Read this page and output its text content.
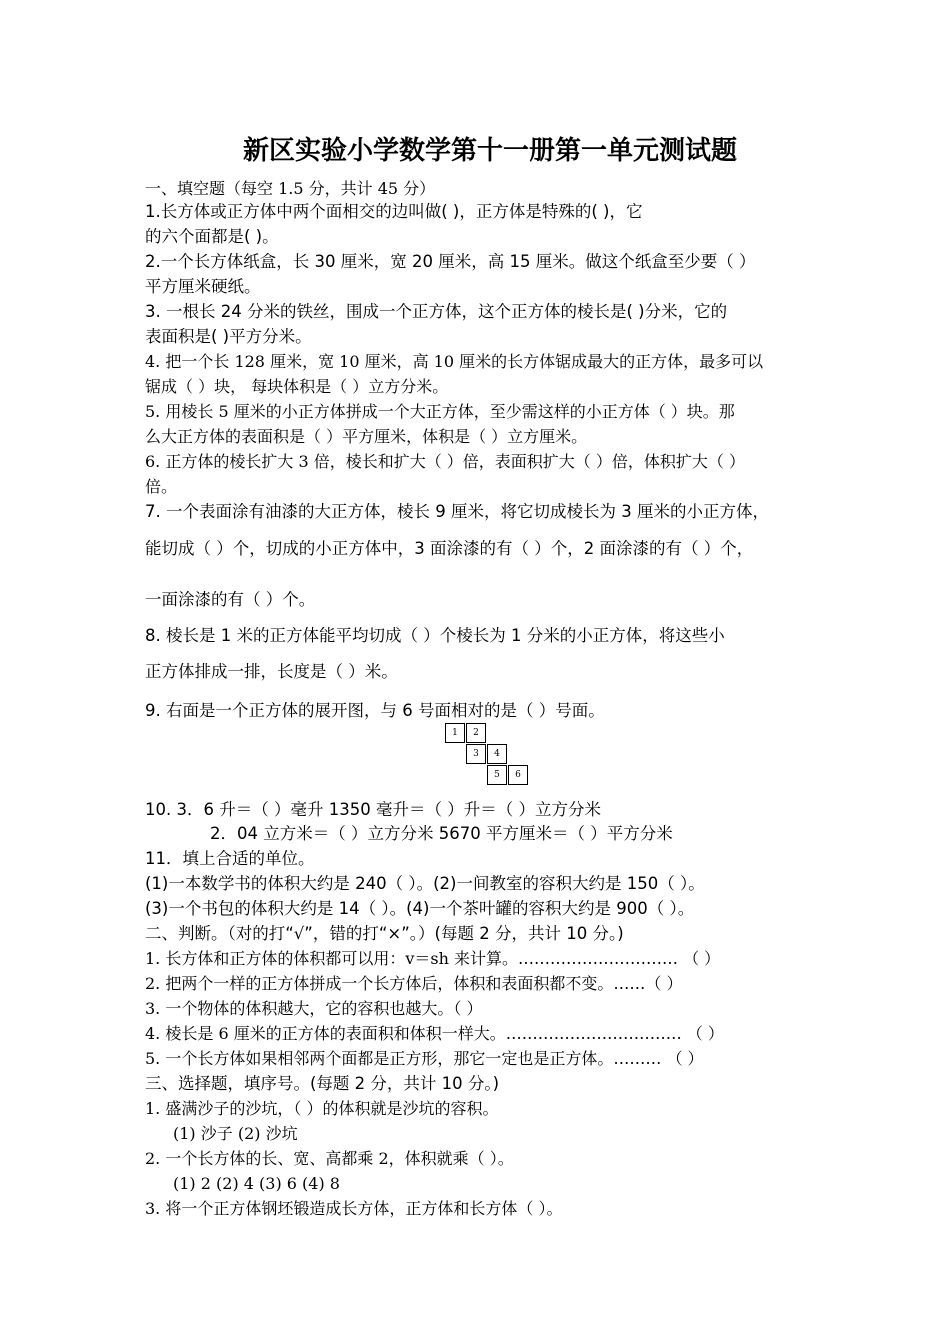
新区实验小学数学第十一册第一单元测试题
一、填空题（每空 1.5 分，共计 45 分）
1.长方体或正方体中两个面相交的边叫做( )，正方体是特殊的( )，它
的六个面都是( )。
2.一个长方体纸盒，长 30 厘米，宽 20 厘米，高 15 厘米。做这个纸盒至少要（ ）
平方厘米硬纸。
3. 一根长 24 分米的铁丝，围成一个正方体，这个正方体的棱长是( )分米，它的
表面积是( )平方分米。
4. 把一个长 128 厘米，宽 10 厘米，高 10 厘米的长方体锯成最大的正方体，最多可以
锯成（ ）块， 每块体积是（ ）立方分米。
5. 用棱长 5 厘米的小正方体拼成一个大正方体，至少需这样的小正方体（ ）块。那
么大正方体的表面积是（ ）平方厘米，体积是（ ）立方厘米。
6. 正方体的棱长扩大 3 倍，棱长和扩大（ ）倍，表面积扩大（ ）倍，体积扩大（ ）
倍。
7. 一个表面涂有油漆的大正方体，棱长 9 厘米，将它切成棱长为 3 厘米的小正方体，
能切成（ ）个，切成的小正方体中，3 面涂漆的有（ ）个，2 面涂漆的有（ ）个，
一面涂漆的有（ ）个。
8. 棱长是 1 米的正方体能平均切成（ ）个棱长为 1 分米的小正方体，将这些小
正方体排成一排，长度是（ ）米。
9. 右面是一个正方体的展开图，与 6 号面相对的是（ ）号面。
1	2
3	4
5	6
10. 3．6 升＝（ ）毫升 1350 毫升＝（ ）升＝（ ）立方分米
2．04 立方米＝（ ）立方分米 5670 平方厘米＝（ ）平方分米
11．填上合适的单位。
(1)一本数学书的体积大约是 240（ ）。(2)一间教室的容积大约是 150（ ）。
(3)一个书包的体积大约是 14（ ）。(4)一个茶叶罐的容积大约是 900（ ）。
二、判断。（对的打“√”，错的打“×”。）(每题 2 分，共计 10 分。)
1. 长方体和正方体的体积都可以用：v＝sh 来计算。………………………… （ ）
2. 把两个一样的正方体拼成一个长方体后，体积和表面积都不变。……（ ）
3. 一个物体的体积越大，它的容积也越大。（ ）
4. 棱长是 6 厘米的正方体的表面积和体积一样大。…………………………… （ ）
5. 一个长方体如果相邻两个面都是正方形，那它一定也是正方体。……… （ ）
三、选择题，填序号。(每题 2 分，共计 10 分。)
1. 盛满沙子的沙坑，（ ）的体积就是沙坑的容积。
(1) 沙子 (2) 沙坑
2. 一个长方体的长、宽、高都乘 2，体积就乘（ ）。
(1) 2 (2) 4 (3) 6 (4) 8
3. 将一个正方体钢坯锻造成长方体，正方体和长方体（ ）。
